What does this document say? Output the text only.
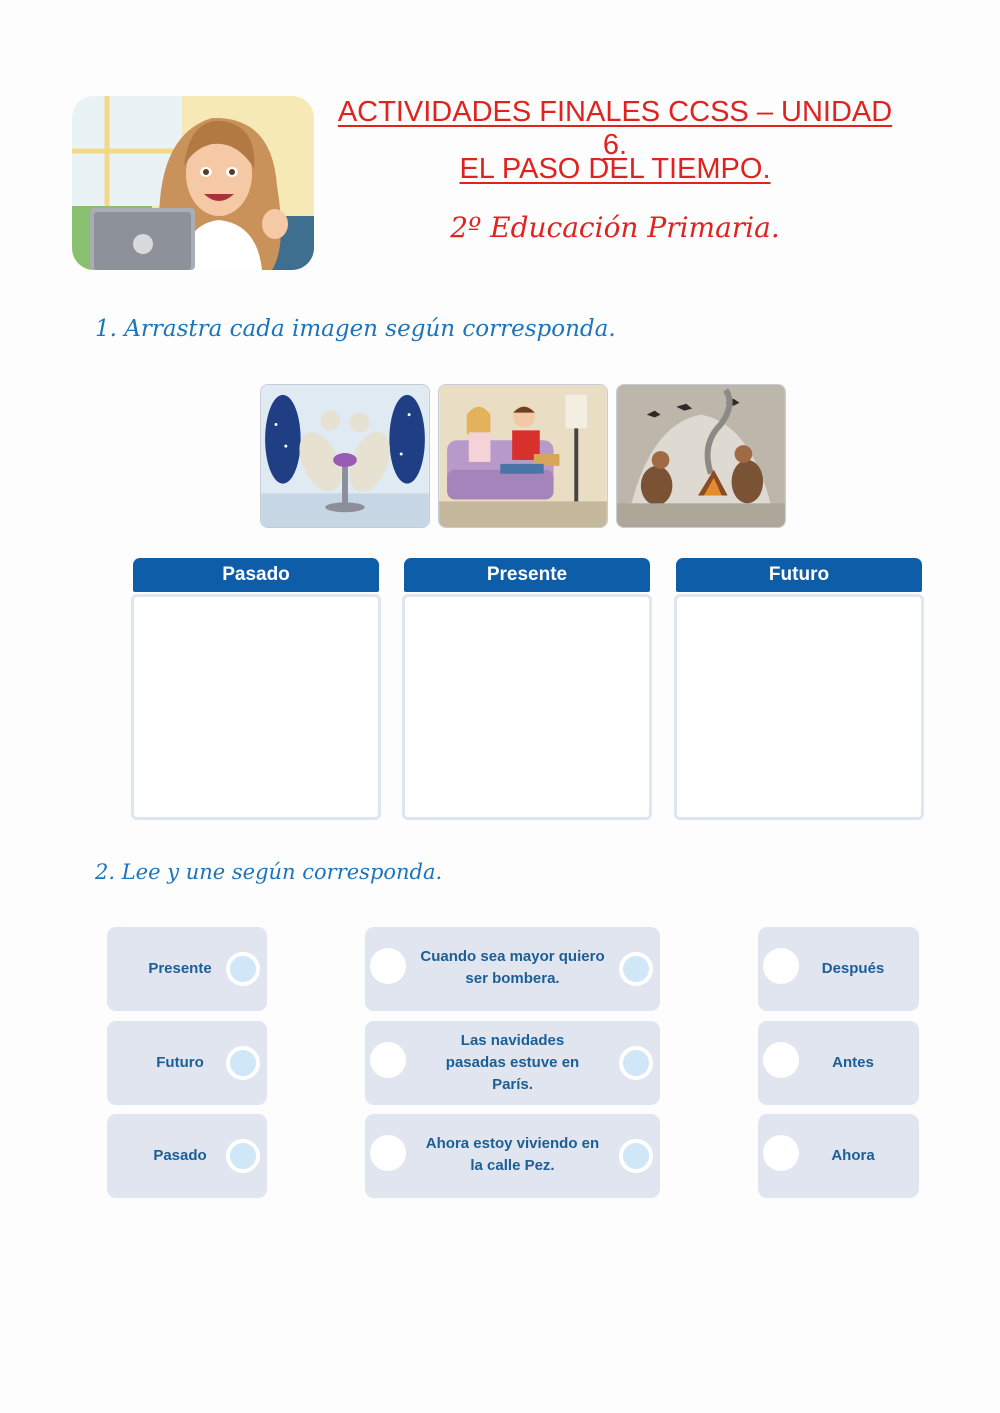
ACTIVIDADES FINALES CCSS – UNIDAD 6.
EL PASO DEL TIEMPO.
2º Educación Primaria.
1. Arrastra cada imagen según corresponda.
Pasado	Presente	Futuro
2. Lee y une según corresponda.
Presente
Futuro
Pasado
Cuando sea mayor quiero ser bombera.
Las navidades pasadas estuve en París.
Ahora estoy viviendo en la calle Pez.
Después
Antes
Ahora
